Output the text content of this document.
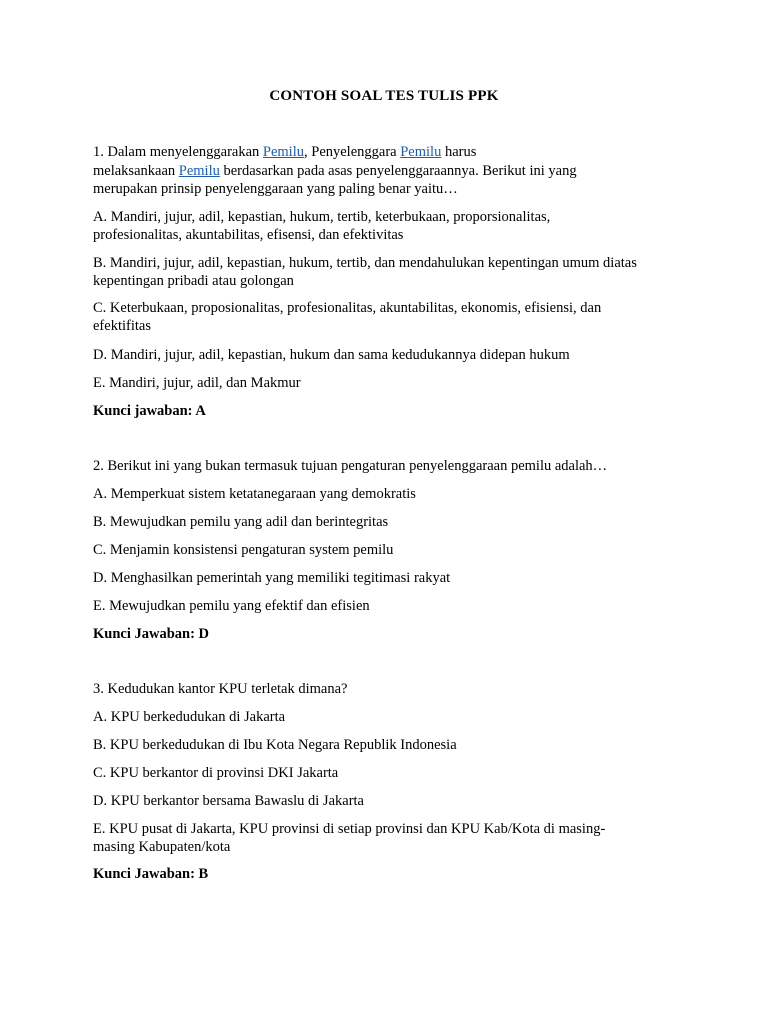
CONTOH SOAL TES TULIS PPK
1. Dalam menyelenggarakan Pemilu, Penyelenggara Pemilu harus
melaksankaan Pemilu berdasarkan pada asas penyelenggaraannya. Berikut ini yang
merupakan prinsip penyelenggaraan yang paling benar yaitu…
A. Mandiri, jujur, adil, kepastian, hukum, tertib, keterbukaan, proporsionalitas,
profesionalitas, akuntabilitas, efisensi, dan efektivitas
B. Mandiri, jujur, adil, kepastian, hukum, tertib, dan mendahulukan kepentingan umum diatas
kepentingan pribadi atau golongan
C. Keterbukaan, proposionalitas, profesionalitas, akuntabilitas, ekonomis, efisiensi, dan
efektifitas
D. Mandiri, jujur, adil, kepastian, hukum dan sama kedudukannya didepan hukum
E. Mandiri, jujur, adil, dan Makmur
Kunci jawaban: A
2. Berikut ini yang bukan termasuk tujuan pengaturan penyelenggaraan pemilu adalah…
A. Memperkuat sistem ketatanegaraan yang demokratis
B. Mewujudkan pemilu yang adil dan berintegritas
C. Menjamin konsistensi pengaturan system pemilu
D. Menghasilkan pemerintah yang memiliki tegitimasi rakyat
E. Mewujudkan pemilu yang efektif dan efisien
Kunci Jawaban: D
3. Kedudukan kantor KPU terletak dimana?
A. KPU berkedudukan di Jakarta
B. KPU berkedudukan di Ibu Kota Negara Republik Indonesia
C. KPU berkantor di provinsi DKI Jakarta
D. KPU berkantor bersama Bawaslu di Jakarta
E. KPU pusat di Jakarta, KPU provinsi di setiap provinsi dan KPU Kab/Kota di masing-
masing Kabupaten/kota
Kunci Jawaban: B
